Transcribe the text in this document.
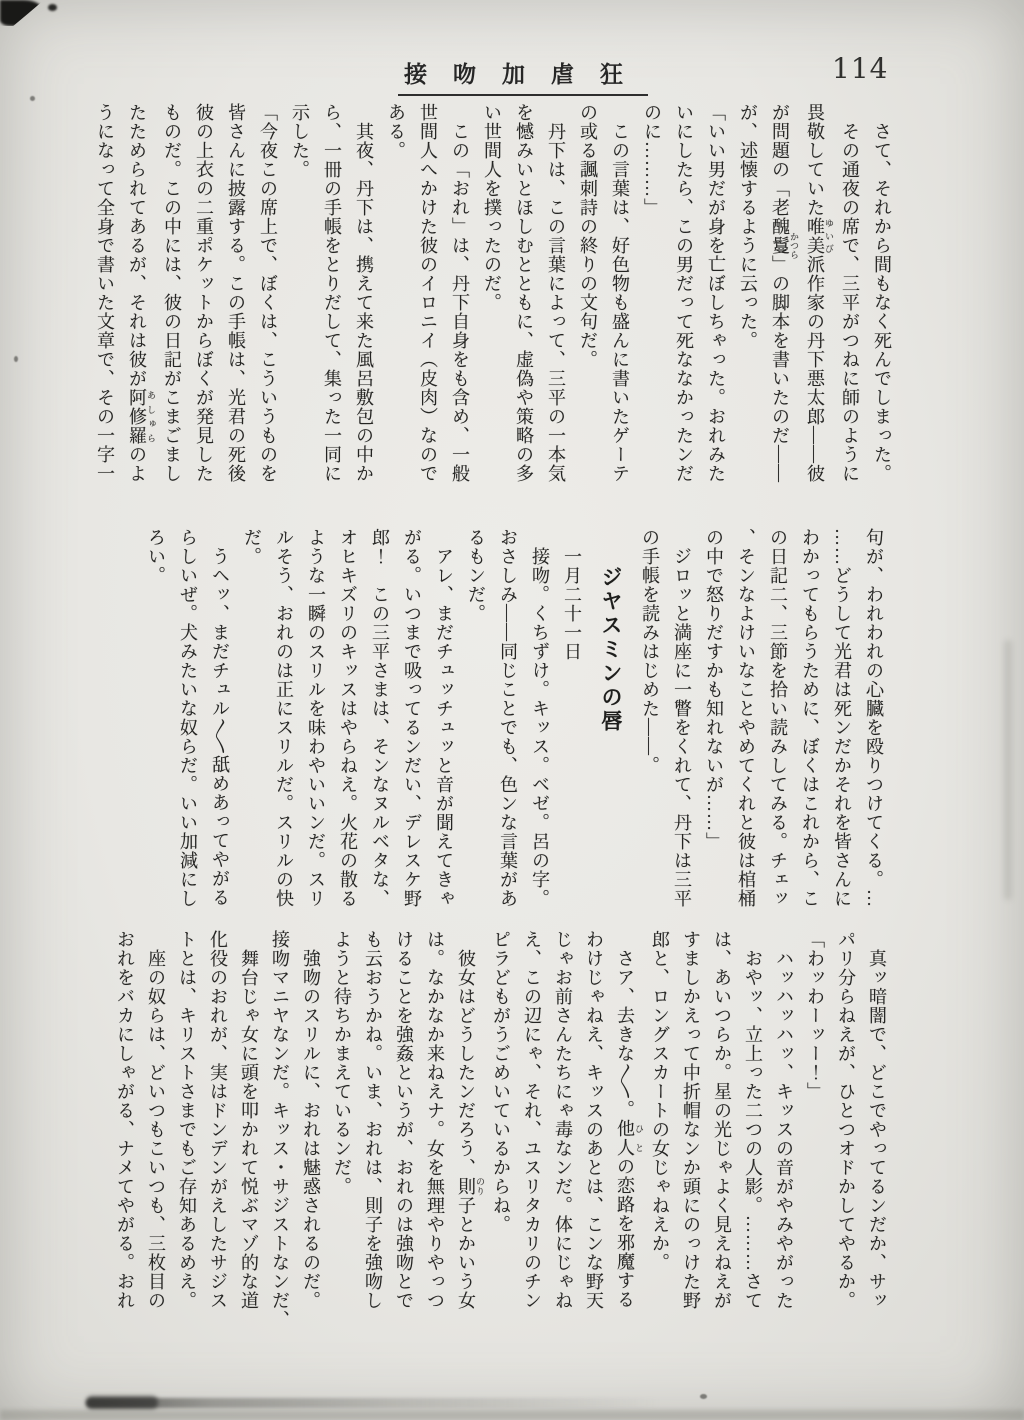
接吻加虐狂	114

　さて、それから間もなく死んでしまった。

　その通夜の席で、三平がつねに師のように

畏敬していた唯美 ゆいび派作家の丹下悪太郎――彼

が問題の「老醜鬘 かつら」の脚本を書いたのだ――

が、述懐するように云った。

「いい男だが身を亡ぼしちゃった。おれみた

いにしたら、この男だって死ななかったンだ

のに………」

　この言葉は、好色物も盛んに書いたゲーテ

の或る諷刺詩の終りの文句だ。

　丹下は、この言葉によって、三平の一本気

を憾みいとほしむとともに、虚偽や策略の多

い世間人を撲ったのだ。

　この「おれ」は、丹下自身をも含め、一般

世間人へかけた彼のイロニイ（皮肉）なので

ある。

　其夜、丹下は、携えて来た風呂敷包の中か

ら、一冊の手帳をとりだして、集った一同に

示した。

「今夜この席上で、ぼくは、こういうものを

皆さんに披露する。この手帳は、光君の死後

彼の上衣の二重ポケットからぼくが発見した

ものだ。この中には、彼の日記がこまごまし

たためられてあるが、それは彼が阿修羅 あしゅらのよ

うになって全身で書いた文章で、その一字一

句が、われわれの心臓を殴りつけてくる。…

……どうして光君は死ンだかそれを皆さんに

わかってもらうために、ぼくはこれから、こ

の日記二、三節を拾い読みしてみる。チェッ

、そンなよけいなことやめてくれと彼は棺桶

の中で怒りだすかも知れないが……」

　ジロッと満座に一瞥をくれて、丹下は三平

の手帳を読みはじめた――。

ジヤスミンの唇

　一月二十一日

　接吻。くちずけ。キッス。ベゼ。呂の字。

おさしみ――同じことでも、色ンな言葉があ

るもンだ。

　アレ、まだチュッチュッと音が聞えてきゃ

がる。いつまで吸ってるンだい、デレスケ野

郎！　この三平さまは、そンなヌルベタな、

オヒキズリのキッスはやらねえ。火花の散る

ような一瞬のスリルを味わやいいンだ。スリ

ルそう、おれのは正にスリルだ。スリルの快

だ。

　うヘッ、まだチュル〳〵舐めあってやがる

らしいぜ。犬みたいな奴らだ。いい加減にし

ろい。

　真ッ暗闇で、どこでやってるンだか、サッ

パリ分らねえが、ひとつオドかしてやるか。

「わッわーッー！」

　ハッハッハッ、キッスの音がやみやがった

　おやッ、立上った二つの人影。………さて

は、あいつらか。星の光じゃよく見えねえが

すましかえって中折帽なンか頭にのっけた野

郎と、ロングスカートの女じゃねえか。

　さア、去きな〳〵。他人 ひとの恋路を邪魔する

わけじゃねえ、キッスのあとは、こンな野天

じゃお前さんたちにゃ毒なンだ。体にじゃね

え、この辺にゃ、それ、ユスリタカリのチン

ピラどもがうごめいているからね。

　彼女はどうしたンだろう、則 のり子とかいう女

は。なかなか来ねえナ。女を無理やりやっつ

けることを強姦というが、おれのは強吻とで

も云おうかね。いま、おれは、則子を強吻し

ようと待ちかまえているンだ。

　強吻のスリルに、おれは魅惑されるのだ。

接吻マニヤなンだ。キッス・サジストなンだ、

　舞台じゃ女に頭を叩かれて悦ぶマゾ的な道

化役のおれが、実はドンデンがえしたサジス

トとは、キリストさまでもご存知あるめえ。

　座の奴らは、どいつもこいつも、三枚目の

おれをバカにしゃがる、ナメてやがる。おれ
